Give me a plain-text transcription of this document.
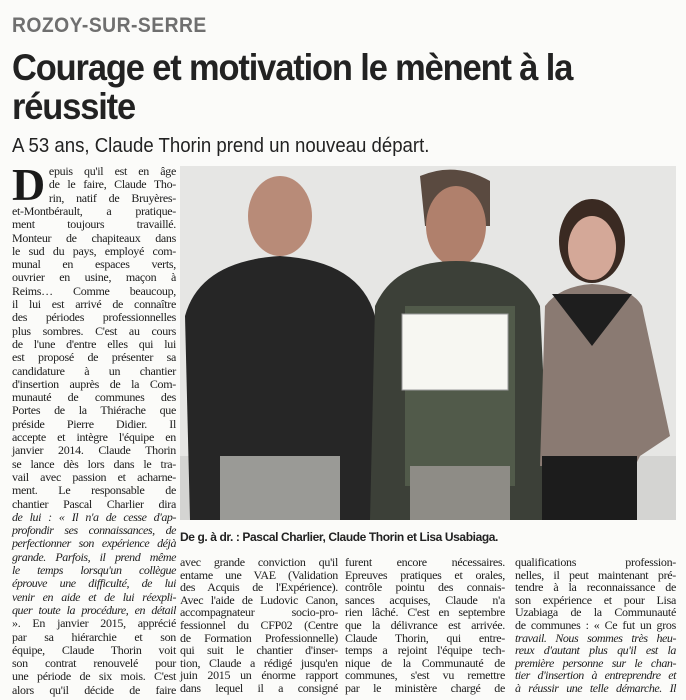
ROZOY-SUR-SERRE
Courage et motivation le mènent à la réussite
A 53 ans, Claude Thorin prend un nouveau départ.
D epuis qu'il est en âge
de le faire, Claude Tho-
rin, natif de Bruyères-
et-Montbérault, a pratique-
ment toujours travaillé.
Monteur de chapiteaux dans
le sud du pays, employé com-
munal en espaces verts,
ouvrier en usine, maçon à
Reims… Comme beaucoup,
il lui est arrivé de connaître
des périodes professionnelles
plus sombres. C'est au cours
de l'une d'entre elles qui lui
est proposé de présenter sa
candidature à un chantier
d'insertion auprès de la Com-
munauté de communes des
Portes de la Thiérache que
préside Pierre Didier. Il
accepte et intègre l'équipe en
janvier 2014. Claude Thorin
se lance dès lors dans le tra-
vail avec passion et acharne-
ment. Le responsable de
chantier Pascal Charlier dira
de lui : « Il n'a de cesse d'ap-
profondir ses connaissances, de
perfectionner son expérience déjà
grande. Parfois, il prend même
le temps lorsqu'un collègue
éprouve une difficulté, de lui
venir en aide et de lui réexpli-
quer toute la procédure, en détail
». En janvier 2015, apprécié
par sa hiérarchie et son
équipe, Claude Thorin voit
son contrat renouvelé pour
une période de six mois. C'est
alors qu'il décide de faire
De g. à dr. : Pascal Charlier, Claude Thorin et Lisa Usabiaga.
avec grande conviction qu'il
entame une VAE (Validation
des Acquis de l'Expérience).
Avec l'aide de Ludovic Canon,
accompagnateur socio-pro-
fessionnel du CFP02 (Centre
de Formation Professionnelle)
qui suit le chantier d'inser-
tion, Claude a rédigé jusqu'en
juin 2015 un énorme rapport
dans lequel il a consigné
furent encore nécessaires.
Epreuves pratiques et orales,
contrôle pointu des connais-
sances acquises, Claude n'a
rien lâché. C'est en septembre
que la délivrance est arrivée.
Claude Thorin, qui entre-
temps a rejoint l'équipe tech-
nique de la Communauté de
communes, s'est vu remettre
par le ministère chargé de
qualifications profession-
nelles, il peut maintenant pré-
tendre à la reconnaissance de
son expérience et pour Lisa
Uzabiaga de la Communauté
de communes : « Ce fut un gros
travail. Nous sommes très heu-
reux d'autant plus qu'il est la
première personne sur le chan-
tier d'insertion à entreprendre et
à réussir une telle démarche. Il
